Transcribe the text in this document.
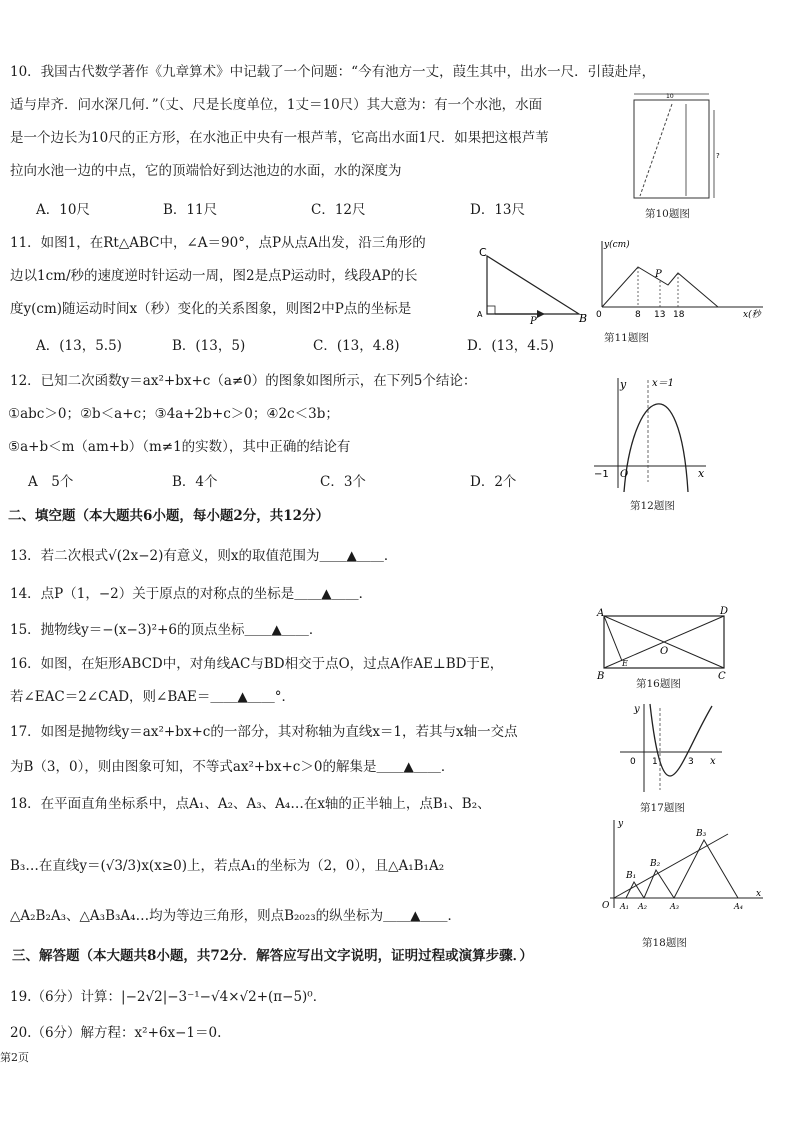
10．我国古代数学著作《九章算术》中记载了一个问题：“今有池方一丈，葭生其中，出水一尺．引葭赴岸，
适与岸齐．问水深几何．”（丈、尺是长度单位，1丈＝10尺）其大意为：有一个水池，水面
是一个边长为10尺的正方形，在水池正中央有一根芦苇，它高出水面1尺．如果把这根芦苇
拉向水池一边的中点，它的顶端恰好到达池边的水面，水的深度为
A．10尺	B．11尺	C．12尺	D．13尺
10
?
第10题图
11．如图1，在Rt△ABC中，∠A＝90°，点P从点A出发，沿三角形的
边以1cm/秒的速度逆时针运动一周，图2是点P运动时，线段AP的长
度y(cm)随运动时间x（秒）变化的关系图象，则图2中P点的坐标是
A．(13，5.5)	B．(13，5)	C．(13，4.8)	D．(13，4.5)
C
A	B
P
y(cm)
0	8 13 18	x(秒
P
第11题图
12．已知二次函数y＝ax²+bx+c（a≠0）的图象如图所示，在下列5个结论：
①abc＞0；②b＜a+c；③4a+2b+c＞0；④2c＜3b；
⑤a+b＜m（am+b）（m≠1的实数），其中正确的结论有
A　5个	B．4个	C．3个	D．2个
y	x＝1
−1 O	x
第12题图
二、填空题（本大题共6小题，每小题2分，共12分）
13．若二次根式√(2x−2)有意义，则x的取值范围为＿＿▲＿＿．
14．点P（1，−2）关于原点的对称点的坐标是＿＿▲＿＿．
15．抛物线y＝−(x−3)²+6的顶点坐标＿＿▲＿＿．
16．如图，在矩形ABCD中，对角线AC与BD相交于点O，过点A作AE⊥BD于E，
若∠EAC＝2∠CAD，则∠BAE＝＿＿▲＿＿°．
A	D
B	C
O
E
第16题图
17．如图是抛物线y＝ax²+bx+c的一部分，其对称轴为直线x＝1，若其与x轴一交点
为B（3，0），则由图象可知，不等式ax²+bx+c＞0的解集是＿＿▲＿＿．
y
0 1	3 x
第17题图
18．在平面直角坐标系中，点A₁、A₂、A₃、A₄…在x轴的正半轴上，点B₁、B₂、
B₃…在直线y＝(√3/3)x(x≥0)上，若点A₁的坐标为（2，0），且△A₁B₁A₂
△A₂B₂A₃、△A₃B₃A₄…均为等边三角形，则点B₂₀₂₃的纵坐标为＿＿▲＿＿．
y
B₃
B₂
B₁
O A₁ A₂	A₃	A₄
x
第18题图
三、解答题（本大题共8小题，共72分．解答应写出文字说明，证明过程或演算步骤．）
19.（6分）计算：|−2√2|−3⁻¹−√4×√2+(π−5)⁰．
20.（6分）解方程：x²+6x−1＝0.
第2页
